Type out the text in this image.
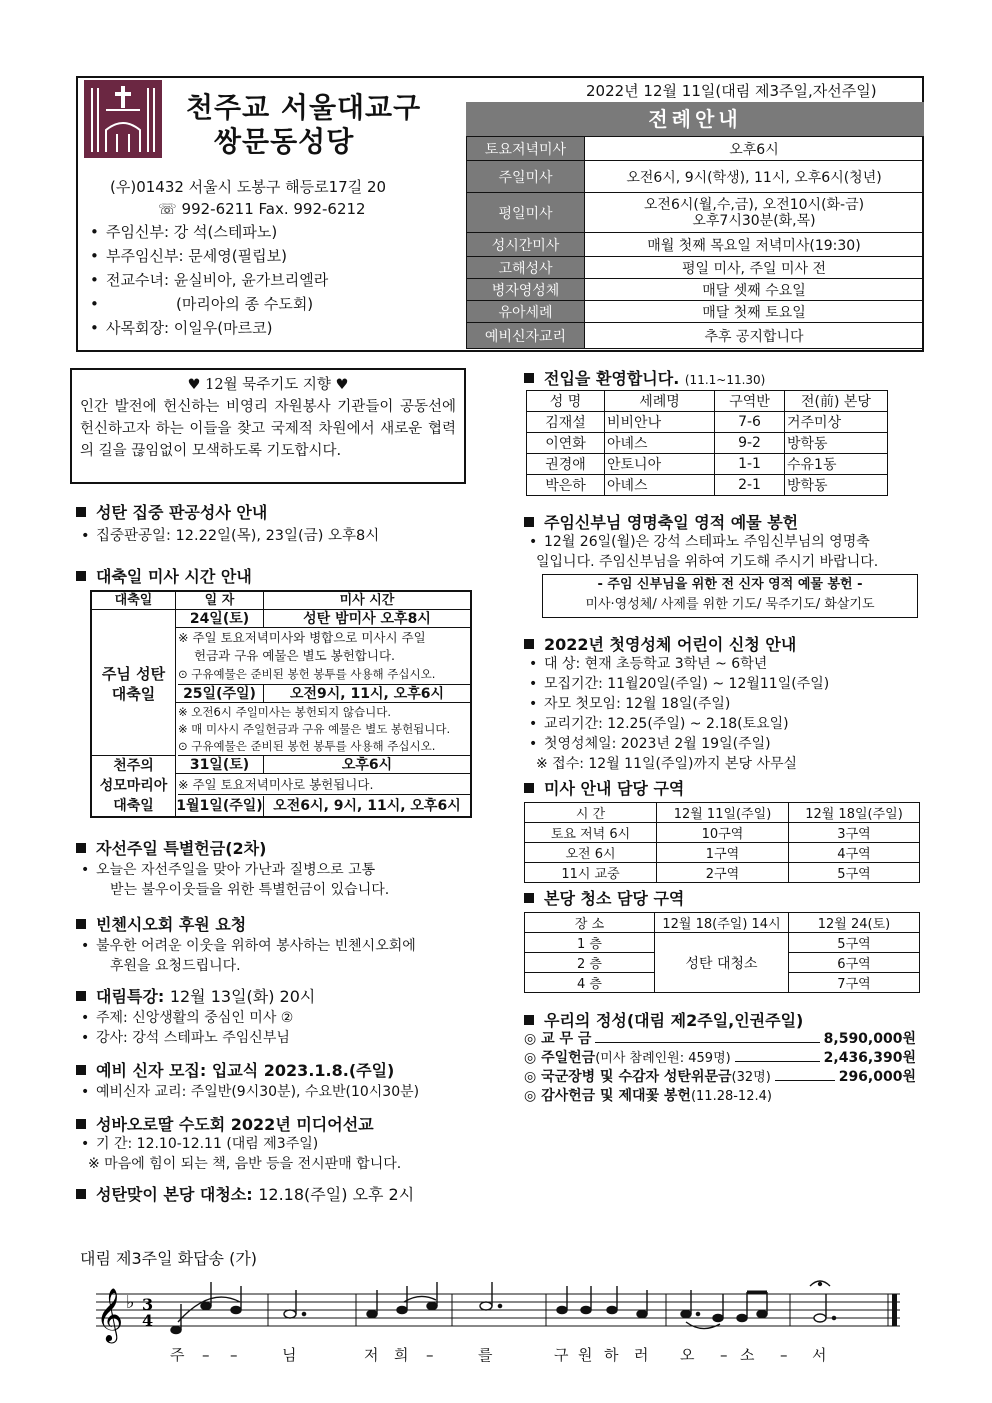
천주교 서울대교구
쌍문동성당
(우)01432 서울시 도봉구 해등로17길 20
☏ 992-6211 Fax. 992-6212
• 주임신부: 강 석(스테파노)
• 부주임신부: 문세영(필립보)
• 전교수녀: 윤실비아, 윤가브리엘라
• (마리아의 종 수도회)
• 사목회장: 이일우(마르코)
2022년 12월 11일(대림 제3주일,자선주일)
전례안내
토요저녁미사	오후6시
주일미사	오전6시, 9시(학생), 11시, 오후6시(청년)
평일미사	오전6시(월,수,금), 오전10시(화-금)
오후7시30분(화,목)

성시간미사	매월 첫째 목요일 저녁미사(19:30)
고해성사	평일 미사, 주일 미사 전
병자영성체	매달 셋째 수요일
유아세례	매달 첫째 토요일
예비신자교리	추후 공지합니다
♥ 12월 묵주기도 지향 ♥
인간 발전에 헌신하는 비영리 자원봉사 기관들이 공동선에 헌신하고자 하는 이들을 찾고 국제적 차원에서 새로운 협력의 길을 끊임없이 모색하도록 기도합시다.
성탄 집중 판공성사 안내
• 집중판공일: 12.22일(목), 23일(금) 오후8시
대축일 미사 시간 안내
대축일	일 자	미사 시간
주님 성탄
대축일
24일(토)	성탄 밤미사 오후8시
※ 주일 토요저녁미사와 병합으로 미사시 주일
헌금과 구유 예물은 별도 봉헌합니다.
⊙ 구유예물은 준비된 봉헌 봉투를 사용해 주십시오.
25일(주일)	오전9시, 11시, 오후6시
※ 오전6시 주일미사는 봉헌되지 않습니다.
※ 매 미사시 주일헌금과 구유 예물은 별도 봉헌됩니다.
⊙ 구유예물은 준비된 봉헌 봉투를 사용해 주십시오.
천주의
성모마리아
대축일
31일(토)	오후6시
※ 주일 토요저녁미사로 봉헌됩니다.
1월1일(주일) 오전6시, 9시, 11시, 오후6시
자선주일 특별헌금(2차)
• 오늘은 자선주일을 맞아 가난과 질병으로 고통
받는 불우이웃들을 위한 특별헌금이 있습니다.
빈첸시오회 후원 요청
• 불우한 어려운 이웃을 위하여 봉사하는 빈첸시오회에
후원을 요청드립니다.
대림특강: 12월 13일(화) 20시
• 주제: 신앙생활의 중심인 미사 ②
• 강사: 강석 스테파노 주임신부님
예비 신자 모집: 입교식 2023.1.8.(주일)
• 예비신자 교리: 주일반(9시30분), 수요반(10시30분)
성바오로딸 수도회 2022년 미디어선교
• 기 간: 12.10-12.11 (대림 제3주일)
※ 마음에 힘이 되는 책, 음반 등을 전시판매 합니다.
성탄맞이 본당 대청소: 12.18(주일) 오후 2시
전입을 환영합니다. (11.1~11.30)
성 명	세례명	구역반	전(前) 본당
김재설	비비안나	7-6	거주미상
이연화	아녜스	9-2	방학동
권경애	안토니아	1-1	수유1동
박은하	아녜스	2-1	방학동
주임신부님 영명축일 영적 예물 봉헌
• 12월 26일(월)은 강석 스테파노 주임신부님의 영명축
일입니다. 주임신부님을 위하여 기도해 주시기 바랍니다.
- 주임 신부님을 위한 전 신자 영적 예물 봉헌 -
미사·영성체/ 사제를 위한 기도/ 묵주기도/ 화살기도
2022년 첫영성체 어린이 신청 안내
• 대 상: 현재 초등학교 3학년 ~ 6학년
• 모집기간: 11월20일(주일) ~ 12월11일(주일)
• 자모 첫모임: 12월 18일(주일)
• 교리기간: 12.25(주일) ~ 2.18(토요일)
• 첫영성체일: 2023년 2월 19일(주일)
※ 접수: 12월 11일(주일)까지 본당 사무실
미사 안내 담당 구역
시 간	12월 11일(주일)	12월 18일(주일)
토요 저녁 6시	10구역	3구역
오전 6시	1구역	4구역
11시 교중	2구역	5구역
본당 청소 담당 구역
장 소	12월 18(주일) 14시	12월 24(토)
1 층	성탄 대청소	5구역
2 층		6구역
4 층		7구역
우리의 정성(대림 제2주일,인권주일)
◎ 교 무 금	8,590,000원
◎ 주일헌금 (미사 참례인원: 459명)	2,436,390원
◎ 국군장병 및 수감자 성탄위문금 (32명)	296,000원
◎ 감사헌금 및 제대꽃 봉헌 (11.28-12.4)
대림 제3주일 화답송 (가)
𝄞 ♭ 3
4
주 – –	님	저 희 –	를	구 원 하 러 오 – 소 – 서
